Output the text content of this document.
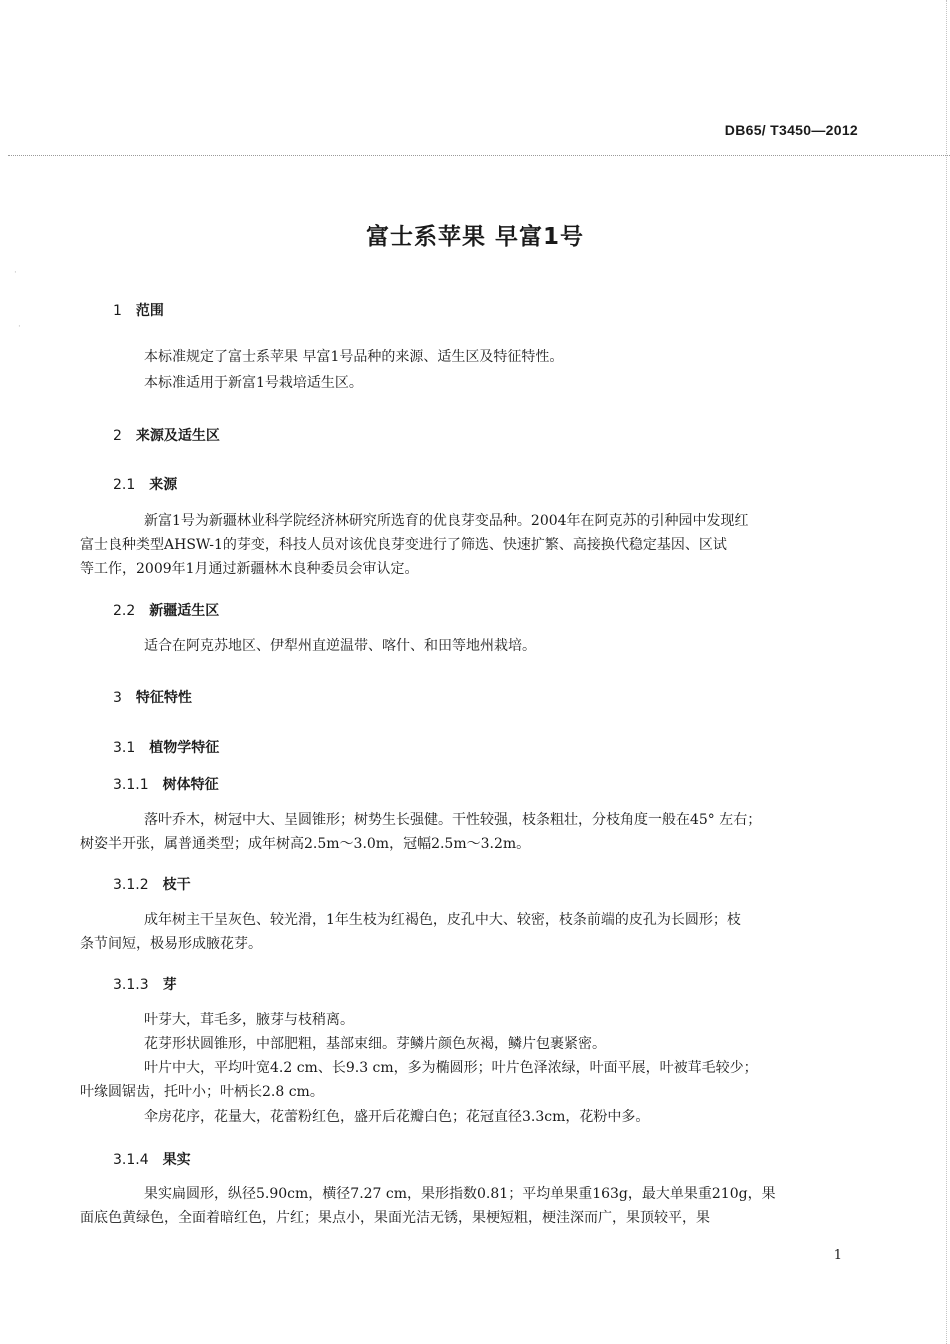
·
·
DB65/ T3450—2012
富士系苹果 早富1号
1 范围
本标准规定了富士系苹果 早富1号品种的来源、适生区及特征特性。
本标准适用于新富1号栽培适生区。
2 来源及适生区
2.1 来源
新富1号为新疆林业科学院经济林研究所选育的优良芽变品种。2004年在阿克苏的引种园中发现红
富士良种类型AHSW-1的芽变，科技人员对该优良芽变进行了筛选、快速扩繁、高接换代稳定基因、区试
等工作，2009年1月通过新疆林木良种委员会审认定。
2.2 新疆适生区
适合在阿克苏地区、伊犁州直逆温带、喀什、和田等地州栽培。
3 特征特性
3.1 植物学特征
3.1.1 树体特征
落叶乔木，树冠中大、呈圆锥形；树势生长强健。干性较强，枝条粗壮，分枝角度一般在45° 左右；
树姿半开张，属普通类型；成年树高2.5m～3.0m，冠幅2.5m～3.2m。
3.1.2 枝干
成年树主干呈灰色、较光滑，1年生枝为红褐色，皮孔中大、较密，枝条前端的皮孔为长圆形；枝
条节间短，极易形成腋花芽。
3.1.3 芽
叶芽大，茸毛多，腋芽与枝稍离。
花芽形状圆锥形，中部肥粗，基部束细。芽鳞片颜色灰褐，鳞片包裹紧密。
叶片中大，平均叶宽4.2 cm、长9.3 cm，多为椭圆形；叶片色泽浓绿，叶面平展，叶被茸毛较少；
叶缘圆锯齿，托叶小；叶柄长2.8 cm。
伞房花序，花量大，花蕾粉红色，盛开后花瓣白色；花冠直径3.3cm，花粉中多。
3.1.4 果实
果实扁圆形，纵径5.90cm，横径7.27 cm，果形指数0.81；平均单果重163g，最大单果重210g，果
面底色黄绿色，全面着暗红色，片红；果点小，果面光洁无锈，果梗短粗，梗洼深而广，果顶较平，果
1
